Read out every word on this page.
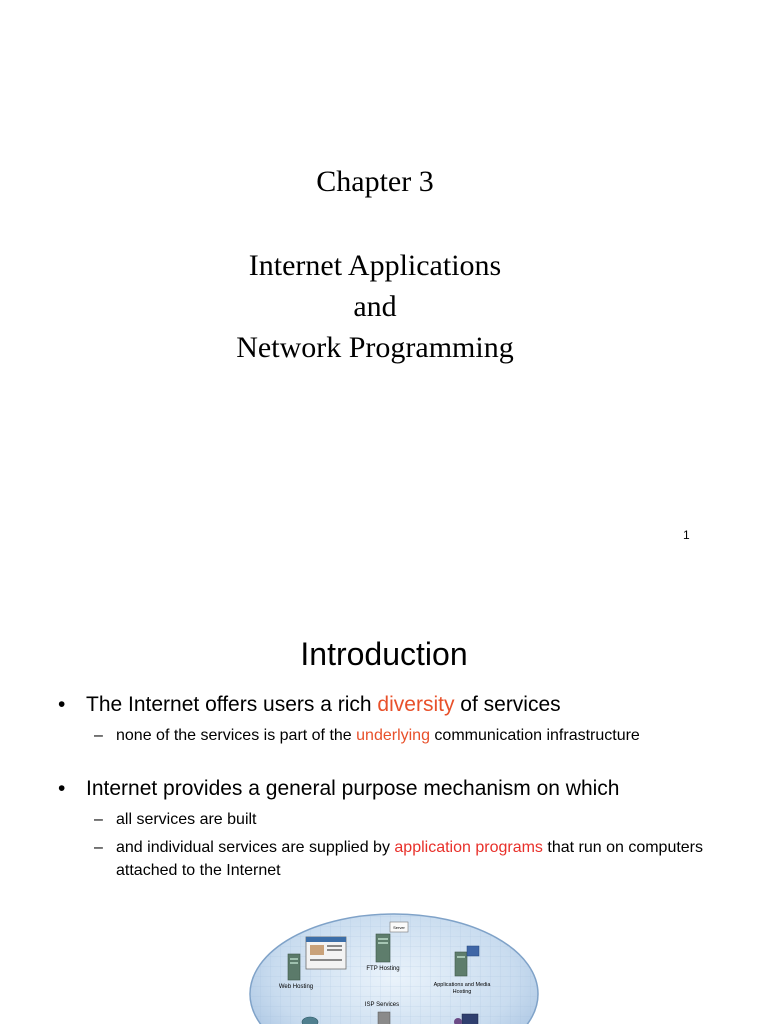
Chapter 3
Internet Applications
and
Network Programming
1
Introduction
• The Internet offers users a rich diversity of services
– none of the services is part of the underlying communication infrastructure
• Internet provides a general purpose mechanism on which
– all services are built
– and individual services are supplied by application programs that run on computers attached to the Internet
Web Hosting
Server
FTP Hosting
Applications and Media
Hosting
ISP Services
